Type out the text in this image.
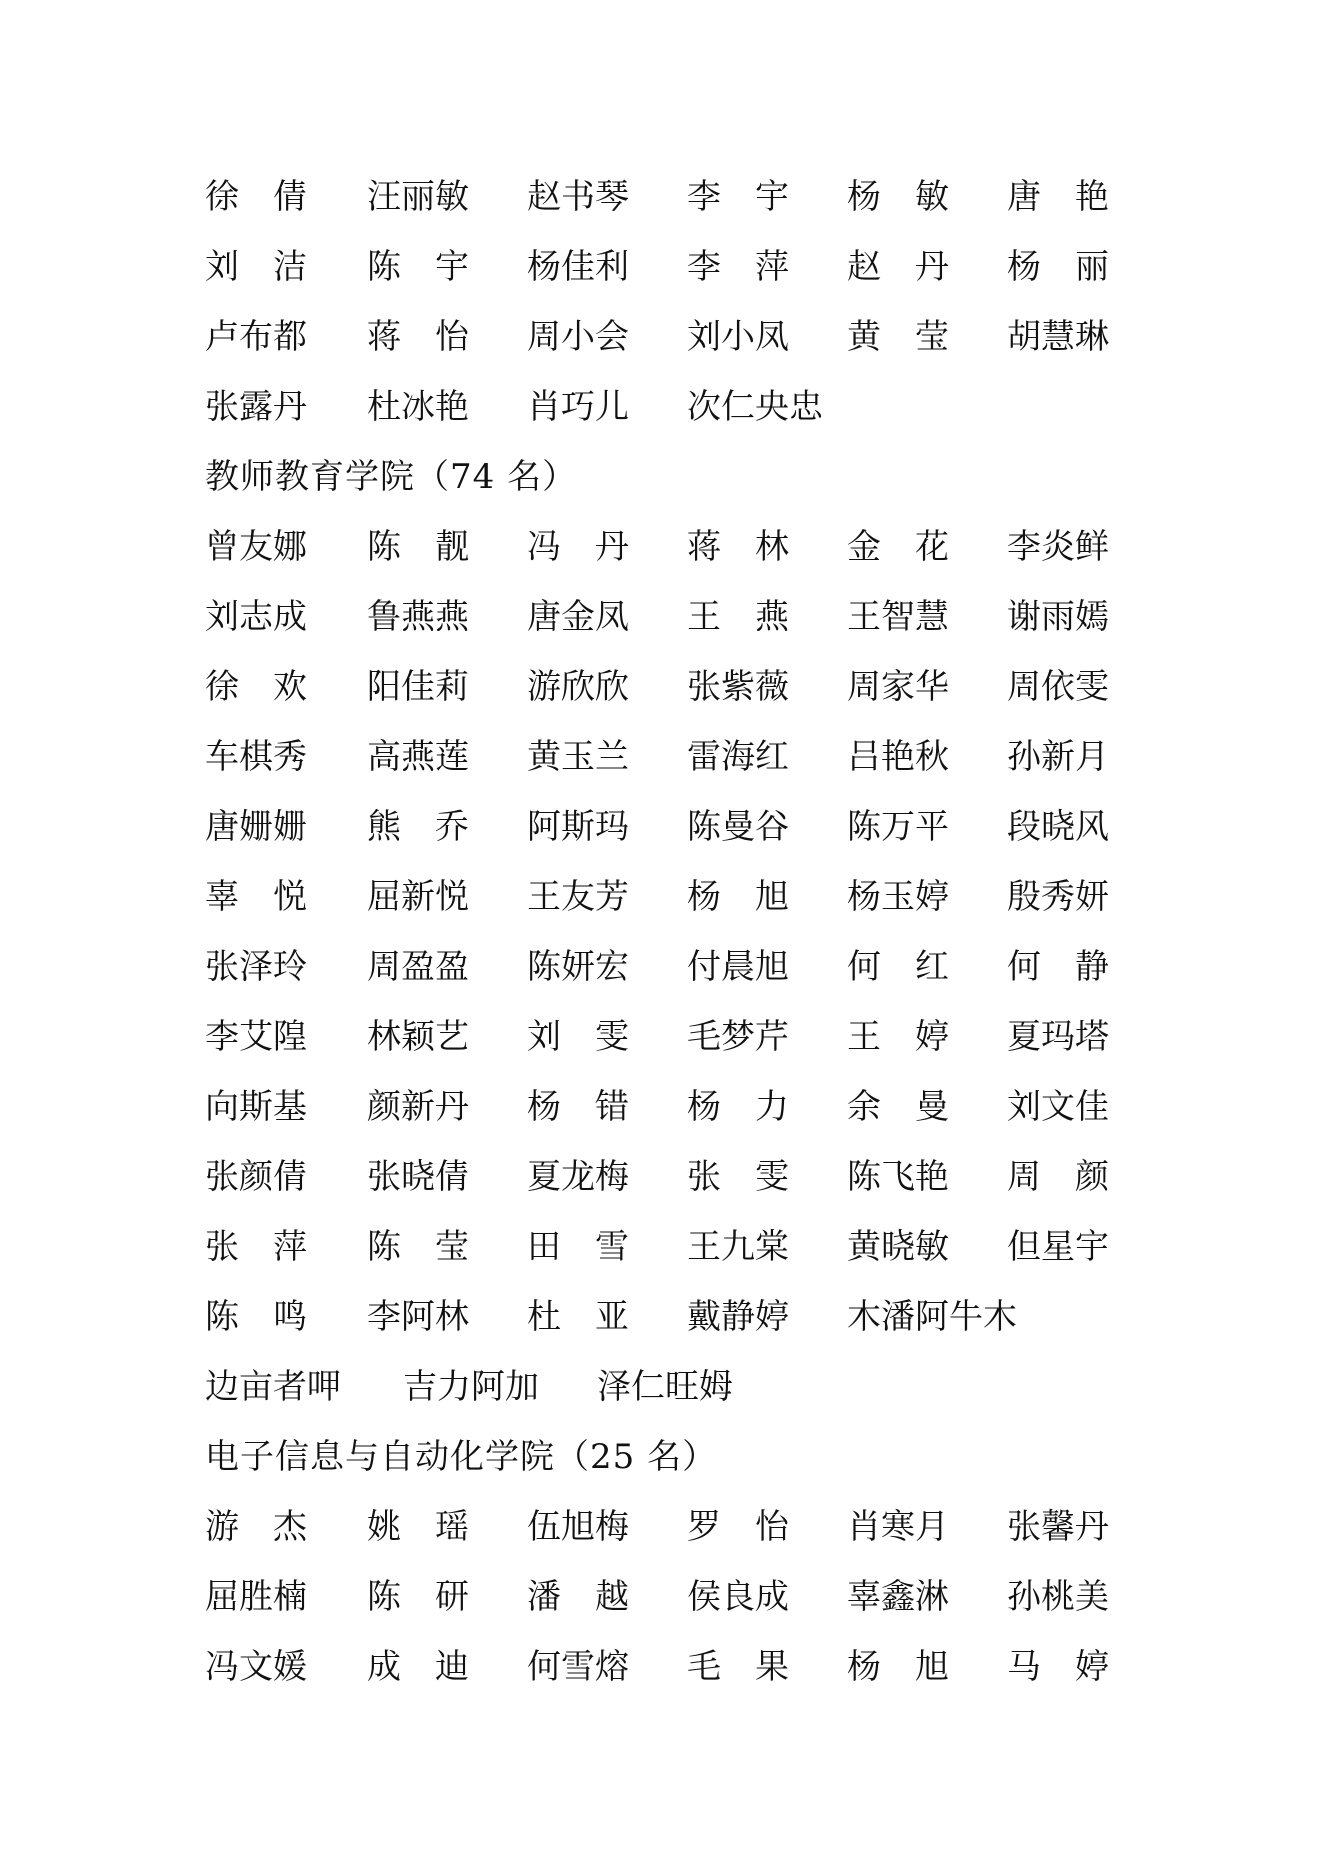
徐　倩 汪丽敏 赵书琴 李　宇 杨　敏 唐　艳
刘　洁 陈　宇 杨佳利 李　萍 赵　丹 杨　丽
卢布都 蒋　怡 周小会 刘小凤 黄　莹 胡慧琳
张露丹 杜冰艳 肖巧儿 次仁央忠
教师教育学院（74 名）
曾友娜 陈　靓 冯　丹 蒋　林 金　花 李炎鲜
刘志成 鲁燕燕 唐金凤 王　燕 王智慧 谢雨嫣
徐　欢 阳佳莉 游欣欣 张紫薇 周家华 周依雯
车棋秀 高燕莲 黄玉兰 雷海红 吕艳秋 孙新月
唐姗姗 熊　乔 阿斯玛 陈曼谷 陈万平 段晓风
辜　悦 屈新悦 王友芳 杨　旭 杨玉婷 殷秀妍
张泽玲 周盈盈 陈妍宏 付晨旭 何　红 何　静
李艾隍 林颖艺 刘　雯 毛梦芹 王　婷 夏玛塔
向斯基 颜新丹 杨　错 杨　力 余　曼 刘文佳
张颜倩 张晓倩 夏龙梅 张　雯 陈飞艳 周　颜
张　萍 陈　莹 田　雪 王九棠 黄晓敏 但星宇
陈　鸣 李阿林 杜　亚 戴静婷 木潘阿牛木
边亩者呷 吉力阿加 泽仁旺姆
电子信息与自动化学院（25 名）
游　杰 姚　瑶 伍旭梅 罗　怡 肖寒月 张馨丹
屈胜楠 陈　研 潘　越 侯良成 辜鑫淋 孙桃美
冯文媛 成　迪 何雪熔 毛　果 杨　旭 马　婷
